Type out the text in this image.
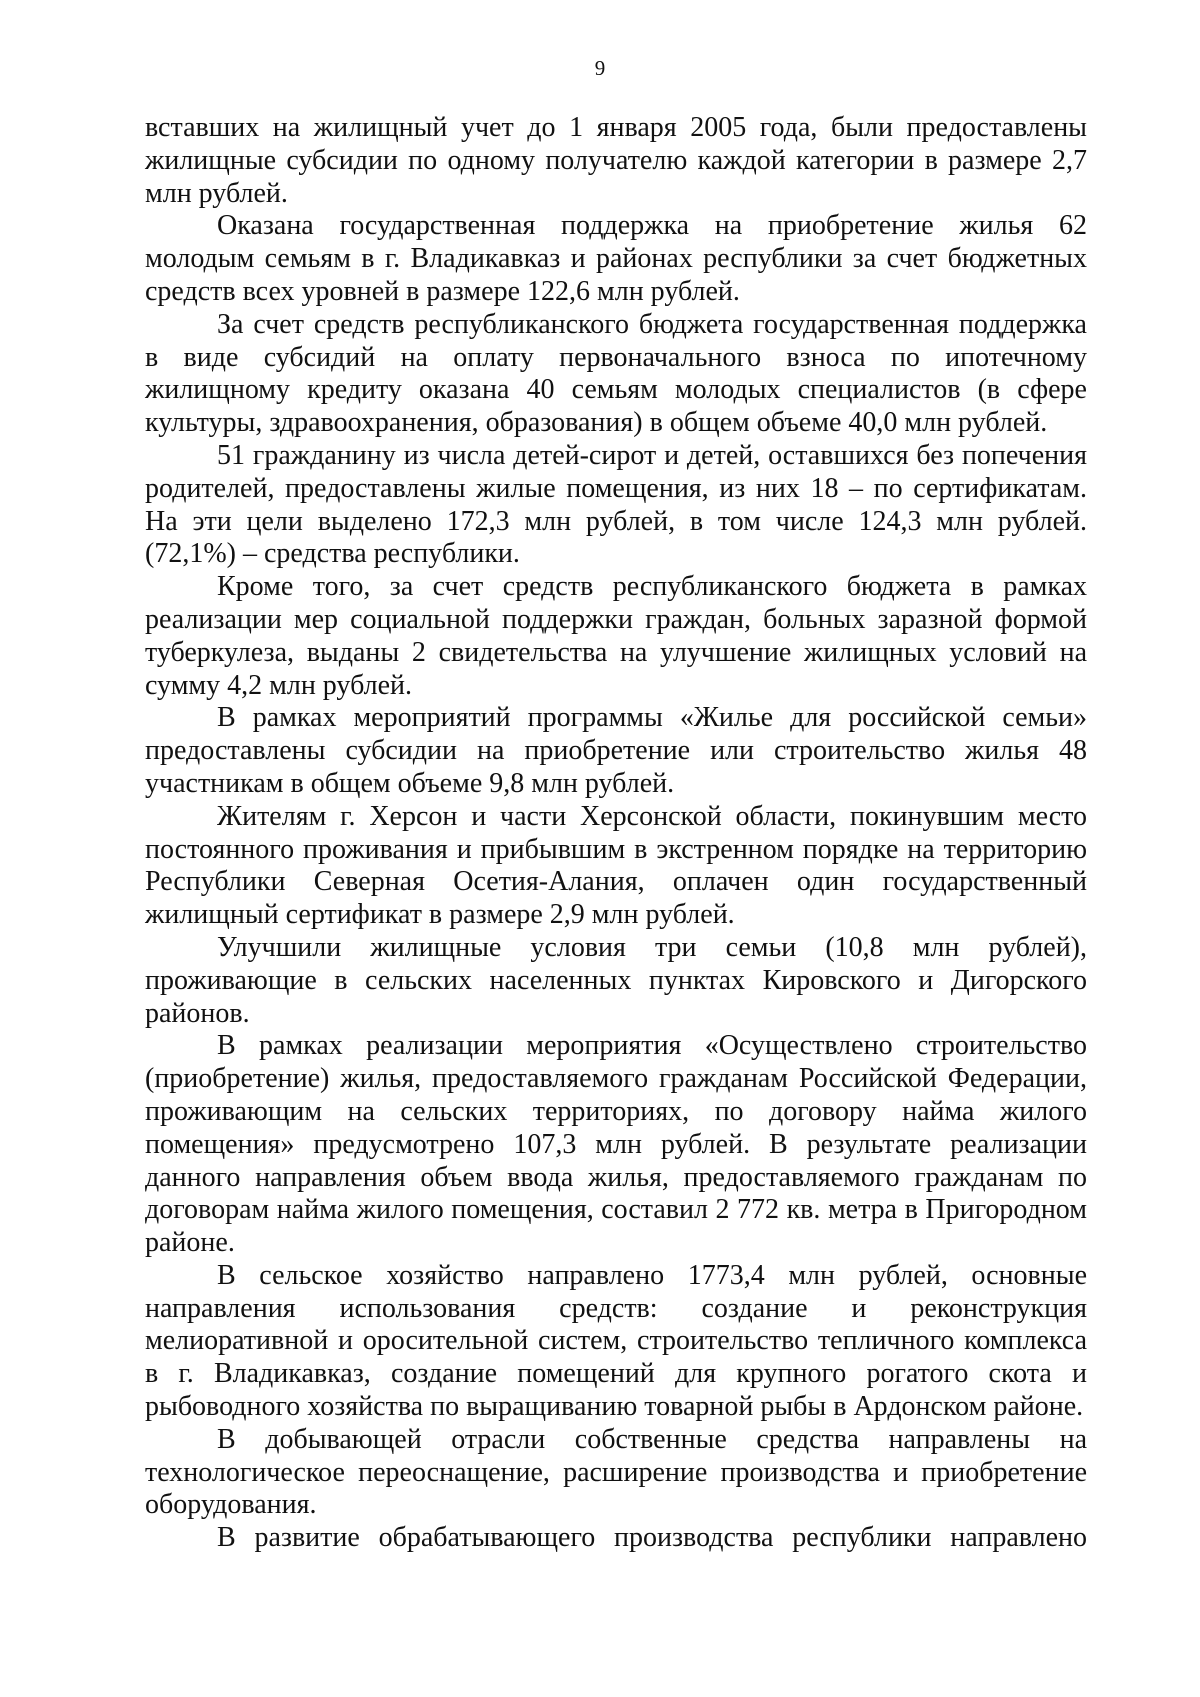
9

вставших на жилищный учет до 1 января 2005 года, были предоставлены жилищные субсидии по одному получателю каждой категории в размере 2,7 млн рублей.

Оказана государственная поддержка на приобретение жилья 62 молодым семьям в г. Владикавказ и районах республики за счет бюджетных средств всех уровней в размере 122,6 млн рублей.

За счет средств республиканского бюджета государственная поддержка в виде субсидий на оплату первоначального взноса по ипотечному жилищному кредиту оказана 40 семьям молодых специалистов (в сфере культуры, здравоохранения, образования) в общем объеме 40,0 млн рублей.

51 гражданину из числа детей-сирот и детей, оставшихся без попечения родителей, предоставлены жилые помещения, из них 18 – по сертификатам. На эти цели выделено 172,3 млн рублей, в том числе 124,3 млн рублей. (72,1%) – средства республики.

Кроме того, за счет средств республиканского бюджета в рамках реализации мер социальной поддержки граждан, больных заразной формой туберкулеза, выданы 2 свидетельства на улучшение жилищных условий на сумму 4,2 млн рублей.

В рамках мероприятий программы «Жилье для российской семьи» предоставлены субсидии на приобретение или строительство жилья 48 участникам в общем объеме 9,8 млн рублей.

Жителям г. Херсон и части Херсонской области, покинувшим место постоянного проживания и прибывшим в экстренном порядке на территорию Республики Северная Осетия-Алания, оплачен один государственный жилищный сертификат в размере 2,9 млн рублей.

Улучшили жилищные условия три семьи (10,8 млн рублей), проживающие в сельских населенных пунктах Кировского и Дигорского районов.

В рамках реализации мероприятия «Осуществлено строительство (приобретение) жилья, предоставляемого гражданам Российской Федерации, проживающим на сельских территориях, по договору найма жилого помещения» предусмотрено 107,3 млн рублей. В результате реализации данного направления объем ввода жилья, предоставляемого гражданам по договорам найма жилого помещения, составил 2 772 кв. метра в Пригородном районе.

В сельское хозяйство направлено 1773,4 млн рублей, основные направления использования средств: создание и реконструкция мелиоративной и оросительной систем, строительство тепличного комплекса в г. Владикавказ, создание помещений для крупного рогатого скота и рыбоводного хозяйства по выращиванию товарной рыбы в Ардонском районе.

В добывающей отрасли собственные средства направлены на технологическое переоснащение, расширение производства и приобретение оборудования.

В развитие обрабатывающего производства республики направлено
